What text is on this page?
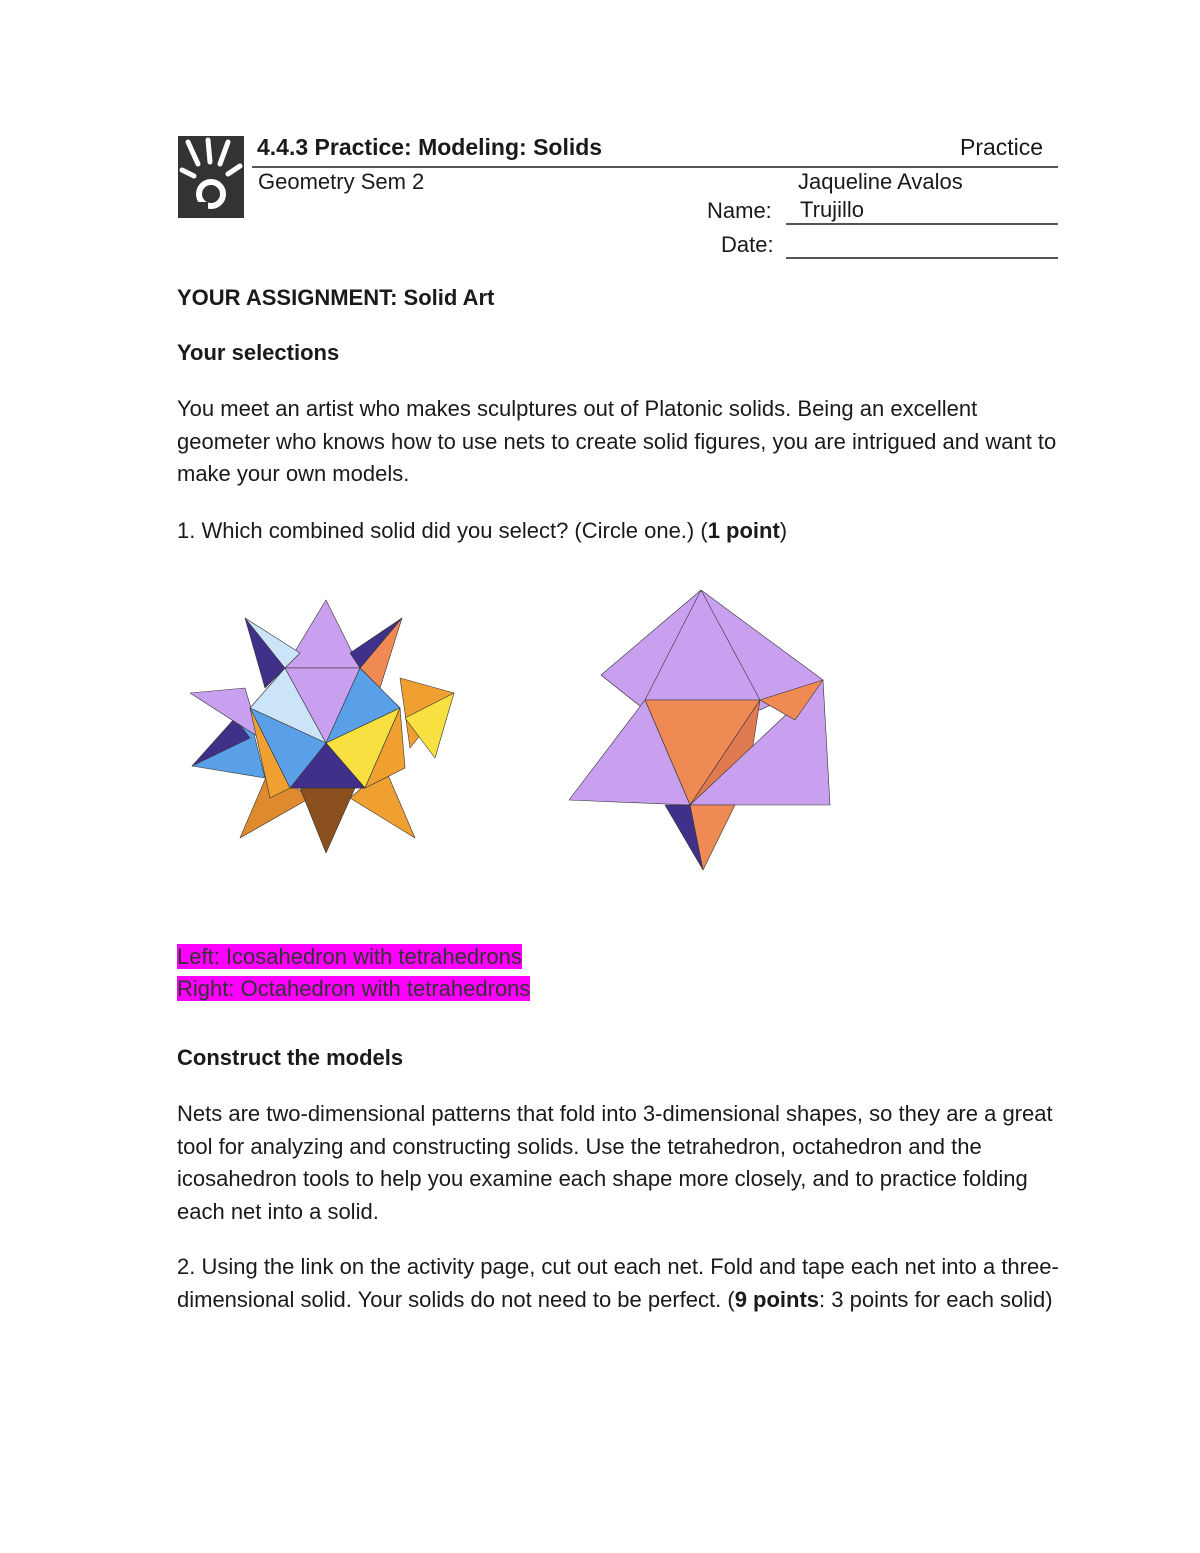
4.4.3 Practice: Modeling: Solids	Practice
Geometry Sem 2	Jaqueline Avalos
Name: Trujillo
Date:
YOUR ASSIGNMENT: Solid Art
Your selections
You meet an artist who makes sculptures out of Platonic solids. Being an excellent geometer who knows how to use nets to create solid figures, you are intrigued and want to make your own models.
1. Which combined solid did you select? (Circle one.) (1 point)
Left: Icosahedron with tetrahedrons
Right: Octahedron with tetrahedrons
Construct the models
Nets are two-dimensional patterns that fold into 3-dimensional shapes, so they are a great tool for analyzing and constructing solids. Use the tetrahedron, octahedron and the icosahedron tools to help you examine each shape more closely, and to practice folding each net into a solid.
2. Using the link on the activity page, cut out each net. Fold and tape each net into a three-dimensional solid. Your solids do not need to be perfect. (9 points: 3 points for each solid)
